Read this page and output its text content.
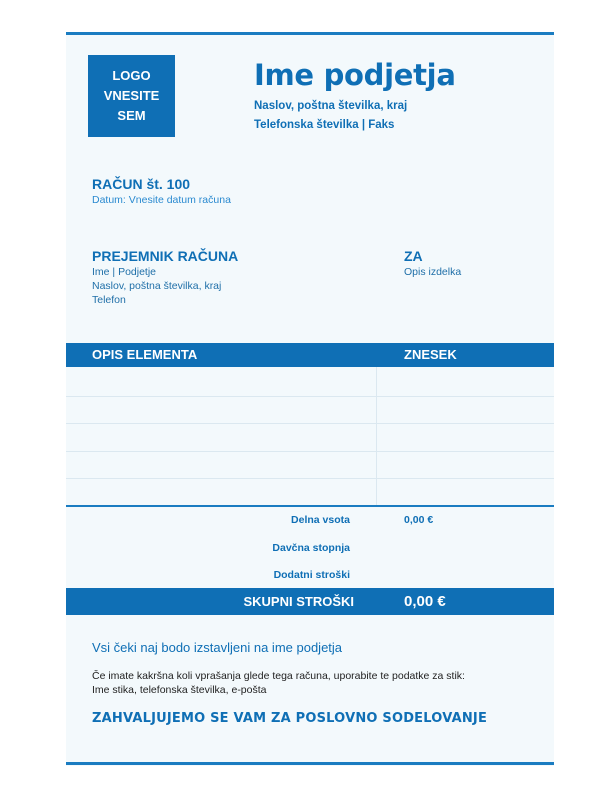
LOGO
VNESITE
SEM
Ime podjetja
Naslov, poštna številka, kraj
Telefonska številka | Faks
RAČUN št. 100
Datum: Vnesite datum računa
PREJEMNIK RAČUNA
Ime | Podjetje
Naslov, poštna številka, kraj
Telefon
ZA
Opis izdelka
OPIS ELEMENTA	ZNESEK
Delna vsota	0,00 €
Davčna stopnja
Dodatni stroški
SKUPNI STROŠKI	0,00 €
Vsi čeki naj bodo izstavljeni na ime podjetja
Če imate kakršna koli vprašanja glede tega računa, uporabite te podatke za stik:
Ime stika, telefonska številka, e-pošta
ZAHVALJUJEMO SE VAM ZA POSLOVNO SODELOVANJE
